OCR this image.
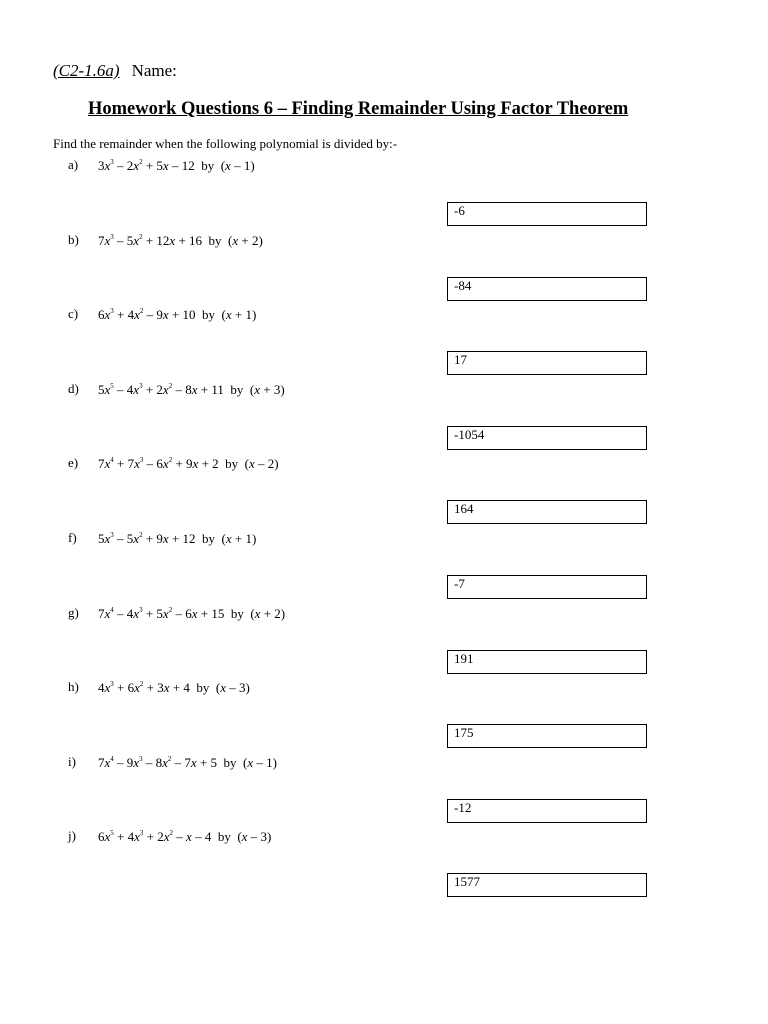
(C2-1.6a) Name:
Homework Questions 6 – Finding Remainder Using Factor Theorem
Find the remainder when the following polynomial is divided by:-
a) $3x^3 - 2x^2 + 5x - 12$ by  (x – 1)
-6
b) $7x^3 - 5x^2 + 12x + 16$ by  (x + 2)
-84
c) $6x^3 + 4x^2 - 9x + 10$ by  (x + 1)
17
d) $5x^5 - 4x^3 + 2x^2 - 8x + 11$ by  (x + 3)
-1054
e) $7x^4 + 7x^3 - 6x^2 + 9x + 2$ by  (x – 2)
164
f) $5x^3 - 5x^2 + 9x + 12$ by  (x + 1)
-7
g) $7x^4 - 4x^3 + 5x^2 - 6x + 15$ by  (x + 2)
191
h) $4x^3 + 6x^2 + 3x + 4$ by  (x – 3)
175
i) $7x^4 - 9x^3 - 8x^2 - 7x + 5$ by  (x – 1)
-12
j) $6x^5 + 4x^3 + 2x^2 - x - 4$ by  (x – 3)
1577
